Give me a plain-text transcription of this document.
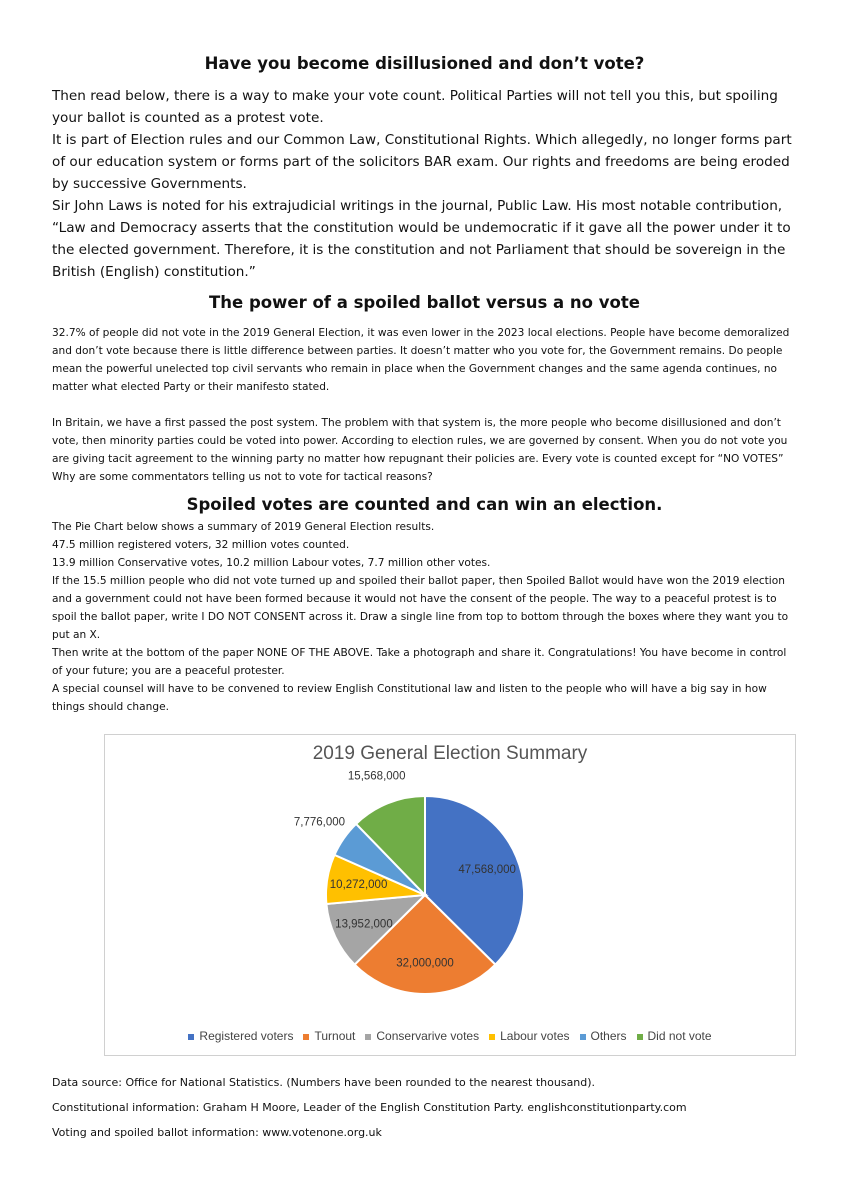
Have you become disillusioned and don’t vote?

Then read below, there is a way to make your vote count. Political Parties will not tell you this, but spoiling your ballot is counted as a protest vote.

It is part of Election rules and our Common Law, Constitutional Rights. Which allegedly, no longer forms part of our education system or forms part of the solicitors BAR exam. Our rights and freedoms are being eroded by successive Governments.

Sir John Laws is noted for his extrajudicial writings in the journal, Public Law. His most notable contribution, “Law and Democracy asserts that the constitution would be undemocratic if it gave all the power under it to the elected government. Therefore, it is the constitution and not Parliament that should be sovereign in the British (English) constitution.”

The power of a spoiled ballot versus a no vote

32.7% of people did not vote in the 2019 General Election, it was even lower in the 2023 local elections. People have become demoralized and don’t vote because there is little difference between parties. It doesn’t matter who you vote for, the Government remains. Do people mean the powerful unelected top civil servants who remain in place when the Government changes and the same agenda continues, no matter what elected Party or their manifesto stated.

In Britain, we have a first passed the post system. The problem with that system is, the more people who become disillusioned and don’t vote, then minority parties could be voted into power. According to election rules, we are governed by consent. When you do not vote you are giving tacit agreement to the winning party no matter how repugnant their policies are. Every vote is counted except for “NO VOTES” Why are some commentators telling us not to vote for tactical reasons?

Spoiled votes are counted and can win an election.

The Pie Chart below shows a summary of 2019 General Election results.

47.5 million registered voters, 32 million votes counted.

13.9 million Conservative votes, 10.2 million Labour votes, 7.7 million other votes.

If the 15.5 million people who did not vote turned up and spoiled their ballot paper, then Spoiled Ballot would have won the 2019 election and a government could not have been formed because it would not have the consent of the people. The way to a peaceful protest is to spoil the ballot paper, write I DO NOT CONSENT across it. Draw a single line from top to bottom through the boxes where they want you to put an X.

Then write at the bottom of the paper NONE OF THE ABOVE. Take a photograph and share it. Congratulations! You have become in control of your future; you are a peaceful protester.

A special counsel will have to be convened to review English Constitutional law and listen to the people who will have a big say in how things should change.

2019 General Election Summary
47,568,000
32,000,000
13,952,000
10,272,000
7,776,000
15,568,000
Registered voters Turnout Conservarive votes Labour votes Others Did not vote

Data source: Office for National Statistics. (Numbers have been rounded to the nearest thousand).

Constitutional information: Graham H Moore, Leader of the English Constitution Party. englishconstitutionparty.com

Voting and spoiled ballot information: www.votenone.org.uk
